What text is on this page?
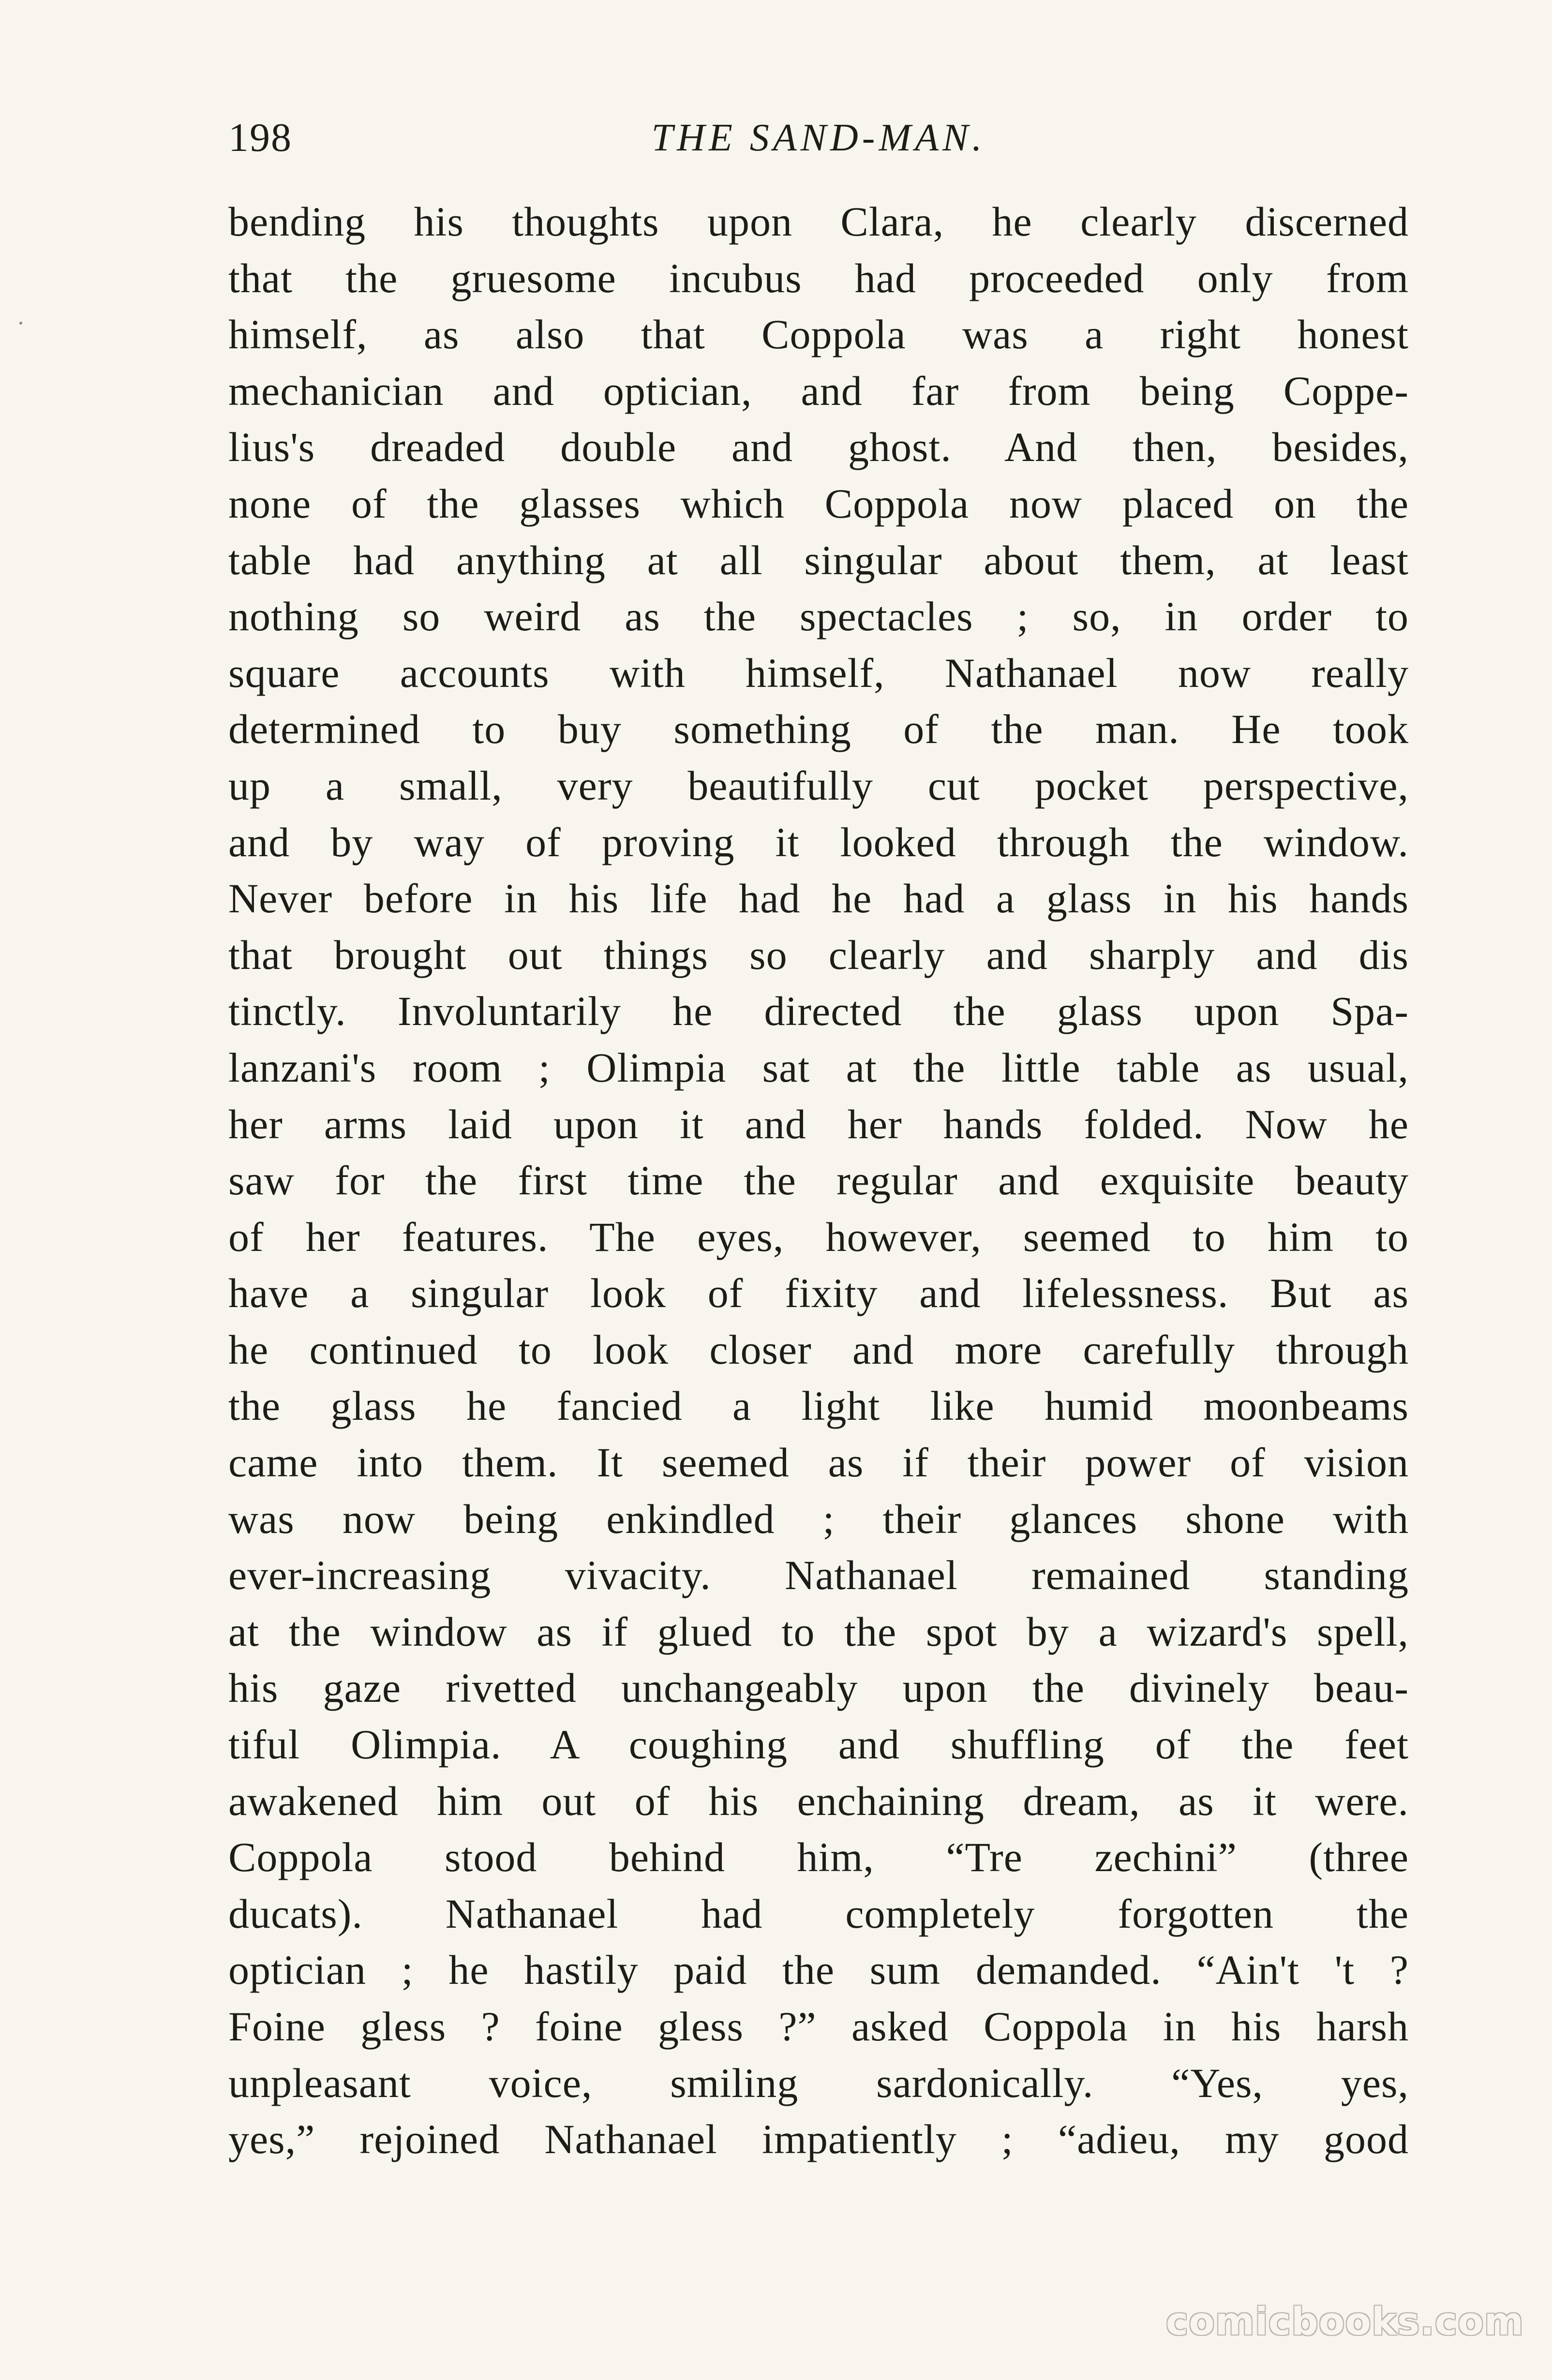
198	THE SAND-MAN.
bending his thoughts upon Clara, he clearly discerned
that the gruesome incubus had proceeded only from
himself, as also that Coppola was a right honest
mechanician and optician, and far from being Coppe-
lius's dreaded double and ghost. And then, besides,
none of the glasses which Coppola now placed on the
table had anything at all singular about them, at least
nothing so weird as the spectacles ; so, in order to
square accounts with himself, Nathanael now really
determined to buy something of the man. He took
up a small, very beautifully cut pocket perspective,
and by way of proving it looked through the window.
Never before in his life had he had a glass in his hands
that brought out things so clearly and sharply and dis
tinctly. Involuntarily he directed the glass upon Spa-
lanzani's room ; Olimpia sat at the little table as usual,
her arms laid upon it and her hands folded. Now he
saw for the first time the regular and exquisite beauty
of her features. The eyes, however, seemed to him to
have a singular look of fixity and lifelessness. But as
he continued to look closer and more carefully through
the glass he fancied a light like humid moonbeams
came into them. It seemed as if their power of vision
was now being enkindled ; their glances shone with
ever-increasing vivacity. Nathanael remained standing
at the window as if glued to the spot by a wizard's spell,
his gaze rivetted unchangeably upon the divinely beau-
tiful Olimpia. A coughing and shuffling of the feet
awakened him out of his enchaining dream, as it were.
Coppola stood behind him, “Tre zechini” (three
ducats). Nathanael had completely forgotten the
optician ; he hastily paid the sum demanded. “Ain't 't ?
Foine gless ? foine gless ?” asked Coppola in his harsh
unpleasant voice, smiling sardonically. “Yes, yes,
yes,” rejoined Nathanael impatiently ; “adieu, my good
comicbooks.com
